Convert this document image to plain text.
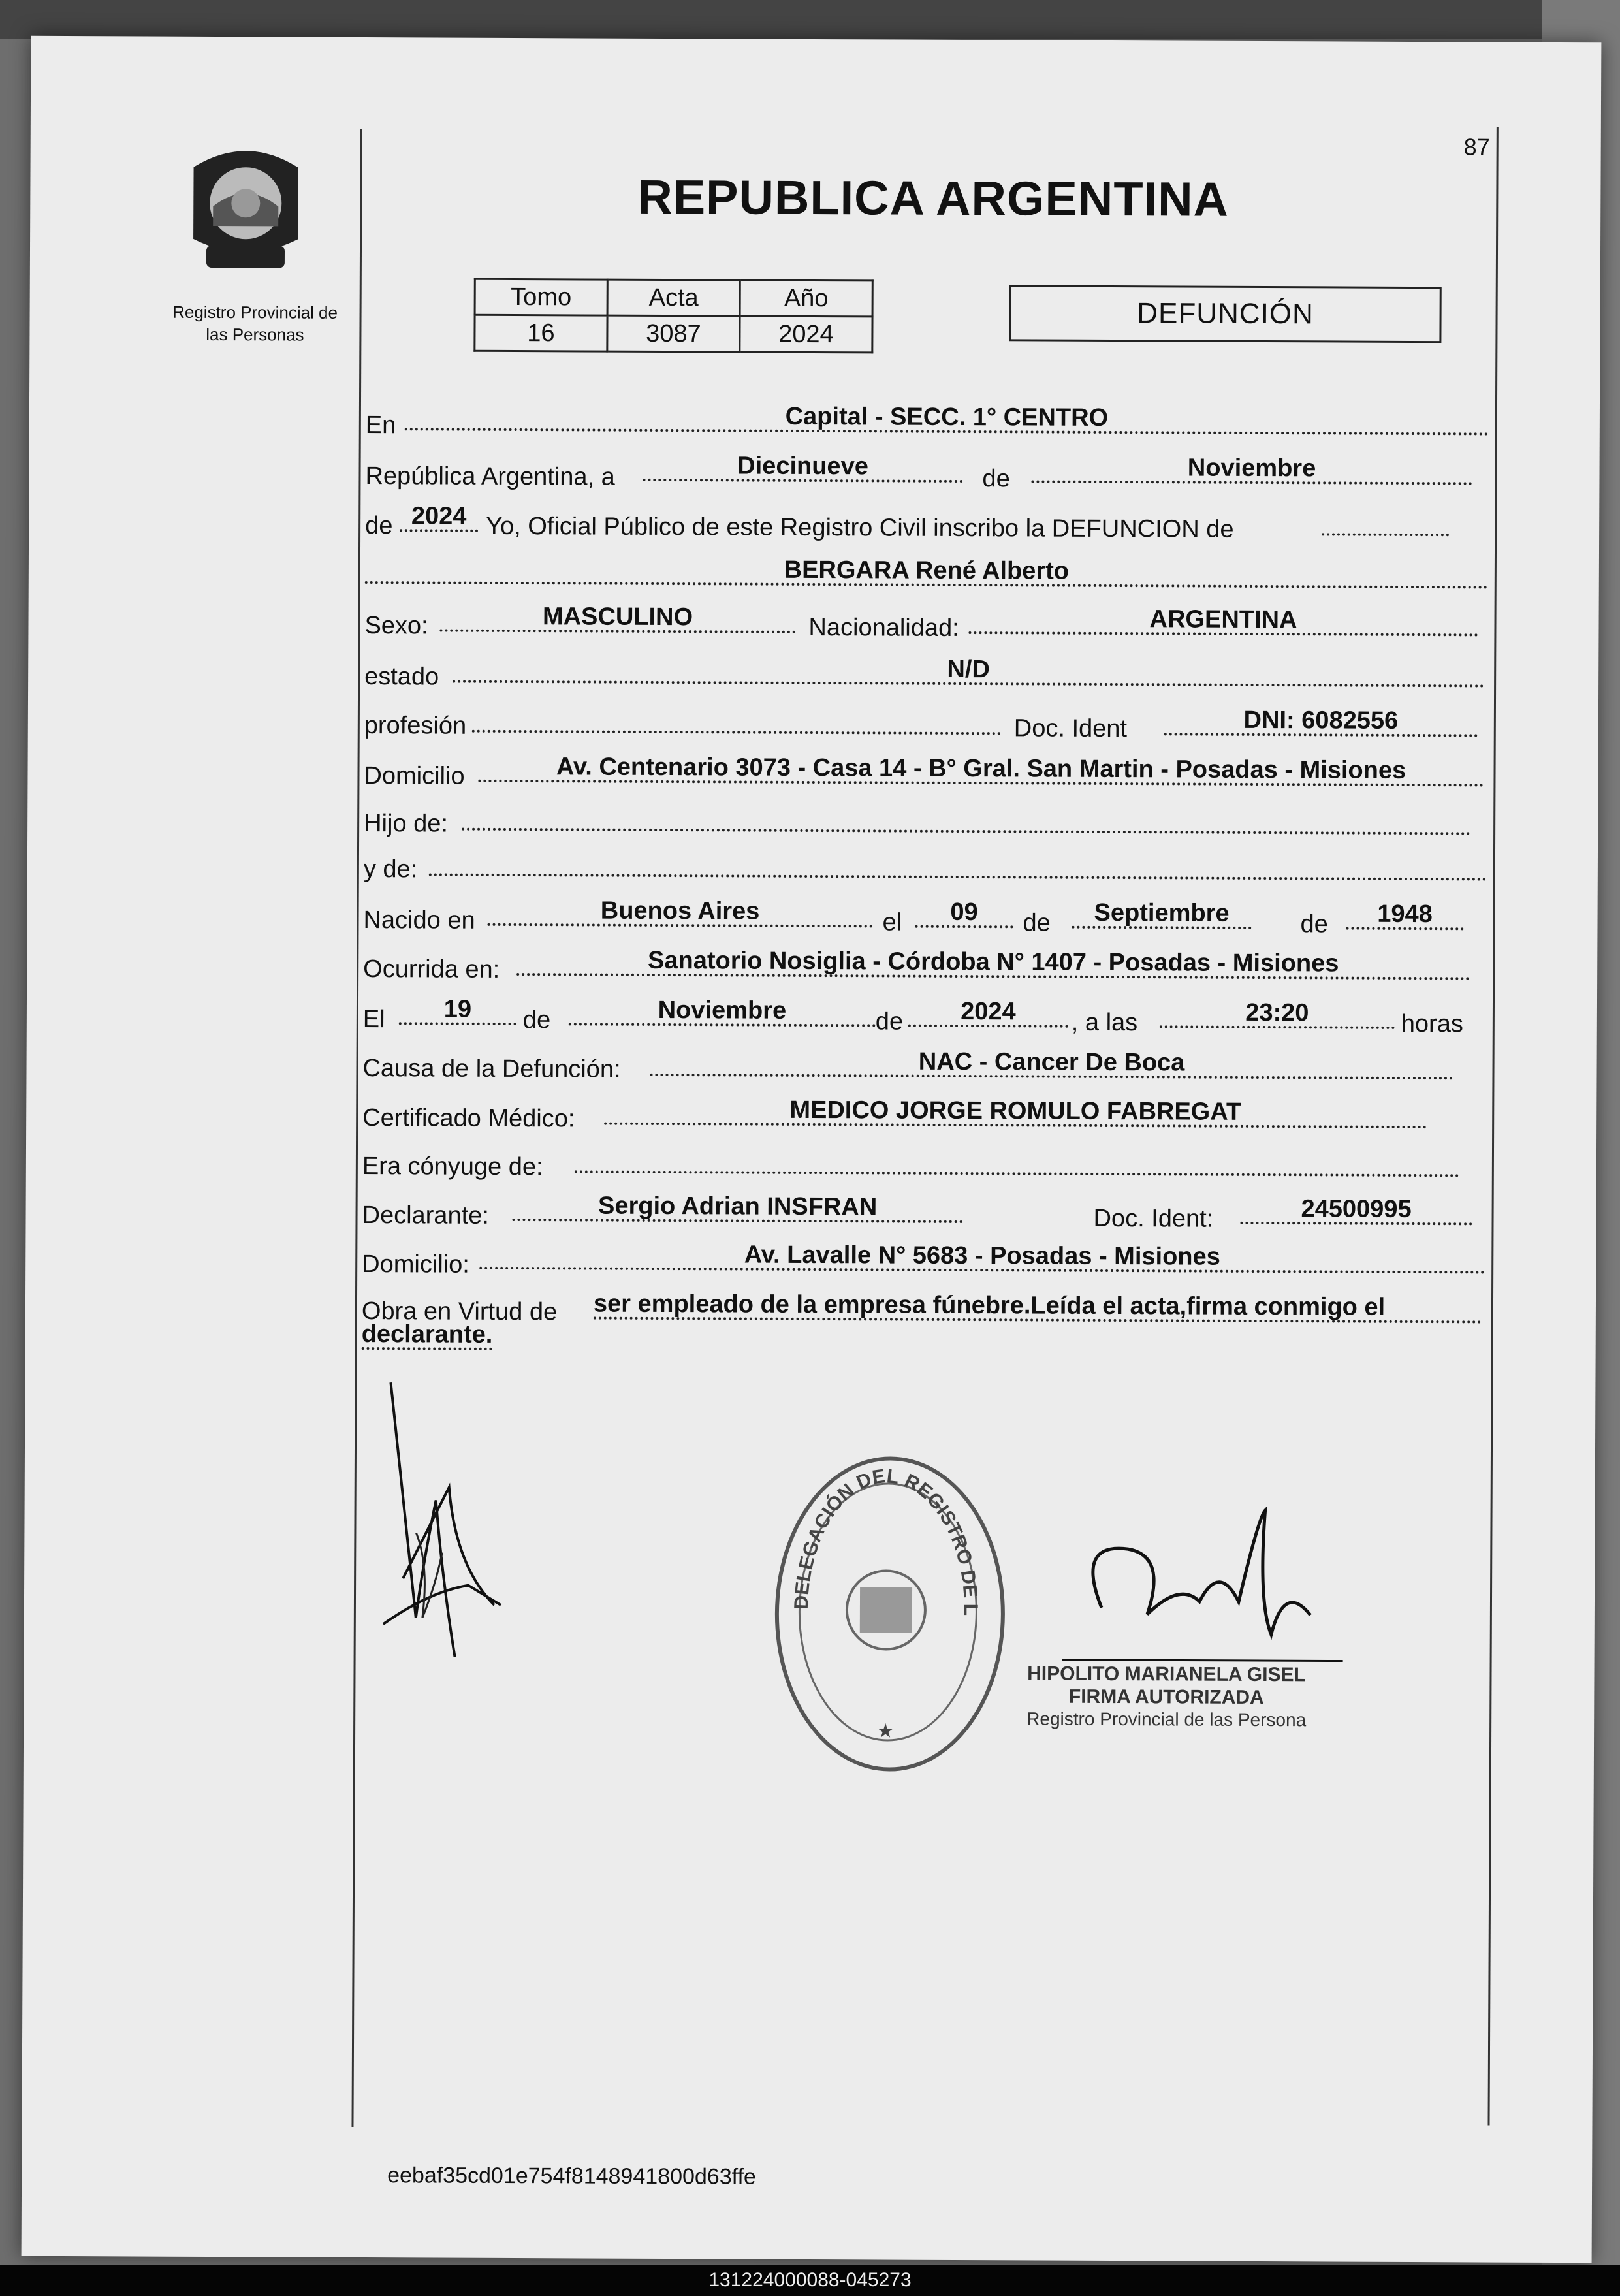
87
Registro Provincial de
las Personas
REPUBLICA ARGENTINA
Tomo	Acta	Año
16	3087	2024
DEFUNCIÓN
En	Capital - SECC. 1° CENTRO
República Argentina, a	Diecinueve	de	Noviembre
de 2024 Yo, Oficial Público de este Registro Civil inscribo la DEFUNCION de
BERGARA René Alberto
Sexo:	MASCULINO	Nacionalidad:	ARGENTINA
estado	N/D
profesión	Doc. Ident	DNI: 6082556
Domicilio	Av. Centenario 3073 - Casa 14 - B° Gral. San Martin - Posadas - Misiones
Hijo de:
y de:
Nacido en	Buenos Aires	el	09	de	Septiembre	de	1948
Ocurrida en:	Sanatorio Nosiglia - Córdoba N° 1407 - Posadas - Misiones
El	19	de	Noviembre	de	2024	, a las	23:20	horas
Causa de la Defunción:	NAC - Cancer De Boca
Certificado Médico:	MEDICO JORGE ROMULO FABREGAT
Era cónyuge de:
Declarante:	Sergio Adrian INSFRAN	Doc. Ident:	24500995
Domicilio:	Av. Lavalle N° 5683 - Posadas - Misiones
Obra en Virtud de ser empleado de la empresa fúnebre.Leída el acta,firma conmigo el
declarante.
DELEGACIÓN DEL REGISTRO DE LAS
★
HIPOLITO MARIANELA GISEL
FIRMA AUTORIZADA
Registro Provincial de las Persona
eebaf35cd01e754f8148941800d63ffe
131224000088-045273
